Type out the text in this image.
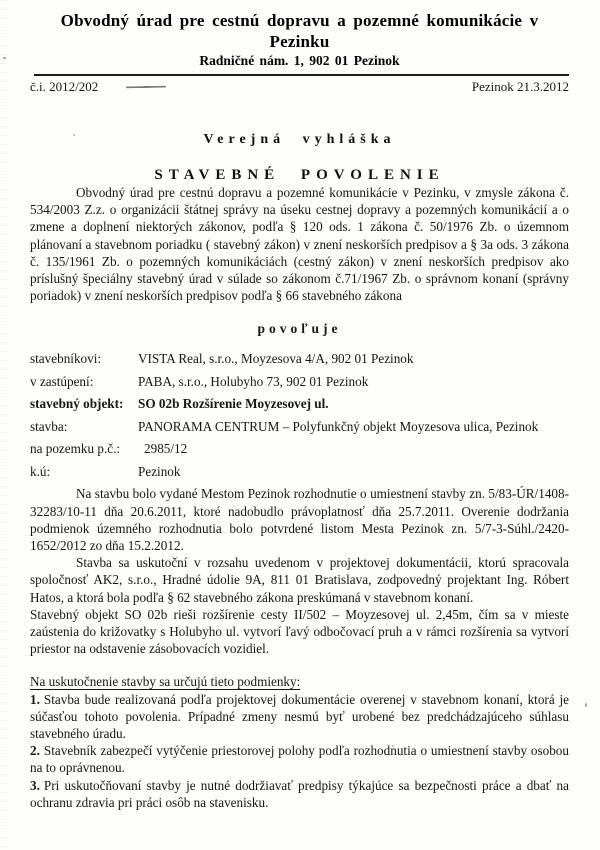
Obvodný úrad pre cestnú dopravu a pozemné komunikácie v Pezinku
Radničné nám. 1, 902 01 Pezinok
č.i. 2012/202	Pezinok 21.3.2012
Verejná vyhláška
STAVEBNÉ POVOLENIE

Obvodný úrad pre cestnú dopravu a pozemné komunikácie v Pezinku, v zmysle zákona č. 534/2003 Z.z. o organizácii štátnej správy na úseku cestnej dopravy a pozemných komunikácií a o zmene a doplnení niektorých zákonov, podľa § 120 ods. 1 zákona č. 50/1976 Zb. o územnom plánovaní a stavebnom poriadku ( stavebný zákon) v znení neskorších predpisov a § 3a ods. 3 zákona č. 135/1961 Zb. o pozemných komunikáciách (cestný zákon) v znení neskorších predpisov ako príslušný špeciálny stavebný úrad v súlade so zákonom č.71/1967 Zb. o správnom konaní (správny poriadok) v znení neskorších predpisov podľa § 66 stavebného zákona

povoľuje
stavebníkovi:	VISTA Real, s.r.o., Moyzesova 4/A, 902 01 Pezinok
v zastúpení:	PABA, s.r.o., Holubyho 73, 902 01 Pezinok
stavebný objekt:	SO 02b Rozšírenie Moyzesovej ul.
stavba:	PANORAMA CENTRUM – Polyfunkčný objekt Moyzesova ulica, Pezinok
na pozemku p.č.:	2985/12
k.ú:	Pezinok

Na stavbu bolo vydané Mestom Pezinok rozhodnutie o umiestnení stavby zn. 5/83-ÚR/1408-32283/10-11 dňa 20.6.2011, ktoré nadobudlo právoplatnosť dňa 25.7.2011. Overenie dodržania podmienok územného rozhodnutia bolo potvrdené listom Mesta Pezinok zn. 5/7-3-Súhl./2420-1652/2012 zo dňa 15.2.2012.

Stavba sa uskutoční v rozsahu uvedenom v projektovej dokumentácii, ktorú spracovala spoločnosť AK2, s.r.o., Hradné údolie 9A, 811 01 Bratislava, zodpovedný projektant Ing. Róbert Hatos, a ktorá bola podľa § 62 stavebného zákona preskúmaná v stavebnom konaní.

Stavebný objekt SO 02b rieši rozšírenie cesty II/502 – Moyzesovej ul. 2,45m, čím sa v mieste zaústenia do križovatky s Holubyho ul. vytvorí ľavý odbočovací pruh a v rámci rozšírenia sa vytvorí priestor na odstavenie zásobovacích vozidiel.

Na uskutočnenie stavby sa určujú tieto podmienky:

1. Stavba bude realizovaná podľa projektovej dokumentácie overenej v stavebnom konaní, ktorá je súčasťou tohoto povolenia. Prípadné zmeny nesmú byť urobené bez predchádzajúceho súhlasu stavebného úradu.

2. Stavebník zabezpečí vytýčenie priestorovej polohy podľa rozhodnutia o umiestnení stavby osobou na to oprávnenou.

3. Pri uskutočňovaní stavby je nutné dodržiavať predpisy týkajúce sa bezpečnosti práce a dbať na ochranu zdravia pri práci osôb na stavenisku.
